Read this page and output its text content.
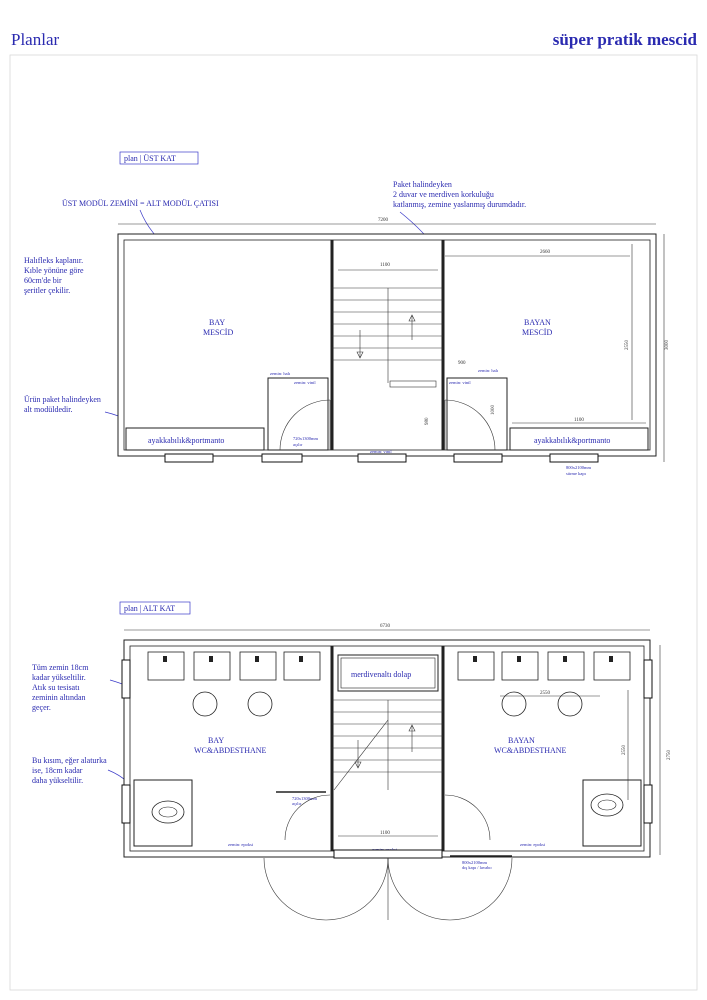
Planlar	süper pratik mescid
plan | ÜST KAT
ÜST MODÜL ZEMİNİ = ALT MODÜL ÇATISI
Paket halindeyken
2 duvar ve merdiven korkuluğu
katlanmış, zemine yaslanmış durumdadır.
Halıfleks kaplanır.
Kıble yönüne göre
60cm'de bir
şeritler çekilir.
Ürün paket halindeyken
alt modüldedir.
7200
3000
1100
BAY
MESCİD
BAYAN
MESCİD
2660
2550
zemin: halı
zemin: vinil
zemin: halı
zemin: vinil
zemin: vinil
720x1300mm
açılır
900
1000
980
ayakkabılık&portmanto	ayakkabılık&portmanto
1100
800x2100mm
sürme kapı
plan | ALT KAT
6730
2750
Tüm zemin 18cm
kadar yükseltilir.
Atık su tesisatı
zeminin altından
geçer.
Bu kısım, eğer alaturka
ise, 18cm kadar
daha yükseltilir.
2550
2550
merdivenaltı dolap
BAY
WC&ABDESTHANE
BAYAN
WC&ABDESTHANE
720x1300mm
açılır
1100
zemin: epoksi	zemin: epoksi
800x2100mm
dış kapı / lavabo
